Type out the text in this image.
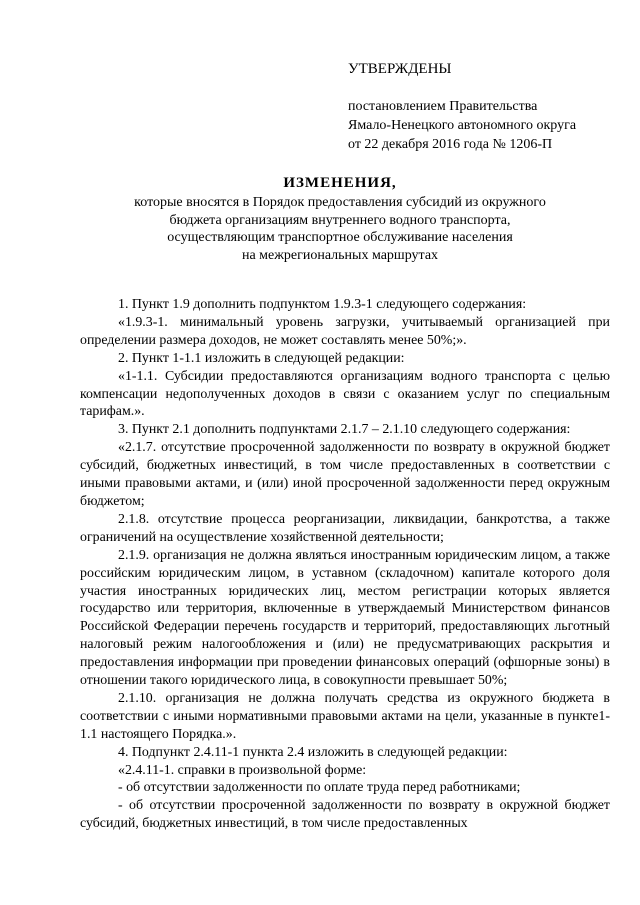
УТВЕРЖДЕНЫ
постановлением Правительства
Ямало-Ненецкого автономного округа
от 22 декабря 2016 года № 1206-П
ИЗМЕНЕНИЯ,
которые вносятся в Порядок предоставления субсидий из окружного
бюджета организациям внутреннего водного транспорта,
осуществляющим транспортное обслуживание населения
на межрегиональных маршрутах

1. Пункт 1.9 дополнить подпунктом 1.9.3-1 следующего содержания:

«1.9.3-1. минимальный уровень загрузки, учитываемый организацией при определении размера доходов, не может составлять менее 50%;».

2. Пункт 1-1.1 изложить в следующей редакции:

«1-1.1. Субсидии предоставляются организациям водного транспорта с целью компенсации недополученных доходов в связи с оказанием услуг по специальным тарифам.».

3. Пункт 2.1 дополнить подпунктами 2.1.7 – 2.1.10 следующего содержания:

«2.1.7. отсутствие просроченной задолженности по возврату в окружной бюджет субсидий, бюджетных инвестиций, в том числе предоставленных в соответствии с иными правовыми актами, и (или) иной просроченной задолженности перед окружным бюджетом;

2.1.8. отсутствие процесса реорганизации, ликвидации, банкротства, а также ограничений на осуществление хозяйственной деятельности;

2.1.9. организация не должна являться иностранным юридическим лицом, а также российским юридическим лицом, в уставном (складочном) капитале которого доля участия иностранных юридических лиц, местом регистрации которых является государство или территория, включенные в утверждаемый Министерством финансов Российской Федерации перечень государств и территорий, предоставляющих льготный налоговый режим налогообложения и (или) не предусматривающих раскрытия и предоставления информации при проведении финансовых операций (офшорные зоны) в отношении такого юридического лица, в совокупности превышает 50%;

2.1.10. организация не должна получать средства из окружного бюджета в соответствии с иными нормативными правовыми актами на цели, указанные в пункте1-1.1 настоящего Порядка.».

4. Подпункт 2.4.11-1 пункта 2.4 изложить в следующей редакции:

«2.4.11-1. справки в произвольной форме:

- об отсутствии задолженности по оплате труда перед работниками;

- об отсутствии просроченной задолженности по возврату в окружной бюджет субсидий, бюджетных инвестиций, в том числе предоставленных
